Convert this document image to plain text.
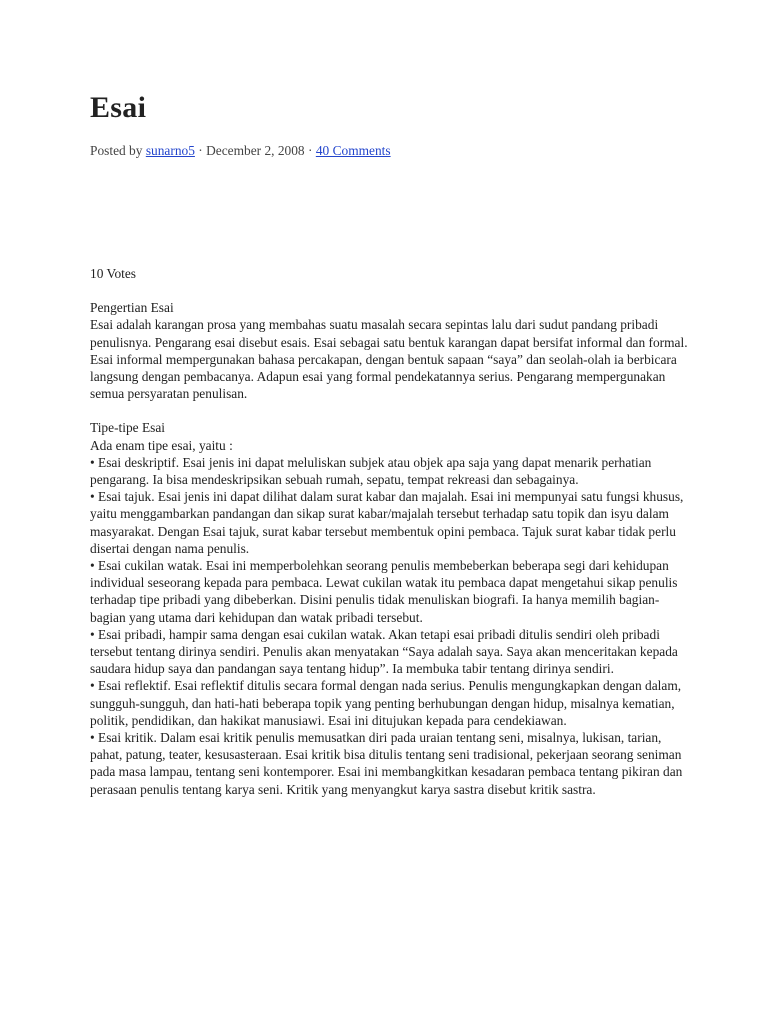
Esai
Posted by sunarno5 · December 2, 2008 · 40 Comments

10 Votes

Pengertian Esai

Esai adalah karangan prosa yang membahas suatu masalah secara sepintas lalu dari sudut pandang pribadi penulisnya. Pengarang esai disebut esais. Esai sebagai satu bentuk karangan dapat bersifat informal dan formal. Esai informal mempergunakan bahasa percakapan, dengan bentuk sapaan “saya” dan seolah-olah ia berbicara langsung dengan pembacanya. Adapun esai yang formal pendekatannya serius. Pengarang mempergunakan semua persyaratan penulisan.

Tipe-tipe Esai

Ada enam tipe esai, yaitu :

• Esai deskriptif. Esai jenis ini dapat meluliskan subjek atau objek apa saja yang dapat menarik perhatian pengarang. Ia bisa mendeskripsikan sebuah rumah, sepatu, tempat rekreasi dan sebagainya.

• Esai tajuk. Esai jenis ini dapat dilihat dalam surat kabar dan majalah. Esai ini mempunyai satu fungsi khusus, yaitu menggambarkan pandangan dan sikap surat kabar/majalah tersebut terhadap satu topik dan isyu dalam masyarakat. Dengan Esai tajuk, surat kabar tersebut membentuk opini pembaca. Tajuk surat kabar tidak perlu disertai dengan nama penulis.

• Esai cukilan watak. Esai ini memperbolehkan seorang penulis membeberkan beberapa segi dari kehidupan individual seseorang kepada para pembaca. Lewat cukilan watak itu pembaca dapat mengetahui sikap penulis terhadap tipe pribadi yang dibeberkan. Disini penulis tidak menuliskan biografi. Ia hanya memilih bagian-bagian yang utama dari kehidupan dan watak pribadi tersebut.

• Esai pribadi, hampir sama dengan esai cukilan watak. Akan tetapi esai pribadi ditulis sendiri oleh pribadi tersebut tentang dirinya sendiri. Penulis akan menyatakan “Saya adalah saya. Saya akan menceritakan kepada saudara hidup saya dan pandangan saya tentang hidup”. Ia membuka tabir tentang dirinya sendiri.

• Esai reflektif. Esai reflektif ditulis secara formal dengan nada serius. Penulis mengungkapkan dengan dalam, sungguh-sungguh, dan hati-hati beberapa topik yang penting berhubungan dengan hidup, misalnya kematian, politik, pendidikan, dan hakikat manusiawi. Esai ini ditujukan kepada para cendekiawan.

• Esai kritik. Dalam esai kritik penulis memusatkan diri pada uraian tentang seni, misalnya, lukisan, tarian, pahat, patung, teater, kesusasteraan. Esai kritik bisa ditulis tentang seni tradisional, pekerjaan seorang seniman pada masa lampau, tentang seni kontemporer. Esai ini membangkitkan kesadaran pembaca tentang pikiran dan perasaan penulis tentang karya seni. Kritik yang menyangkut karya sastra disebut kritik sastra.
